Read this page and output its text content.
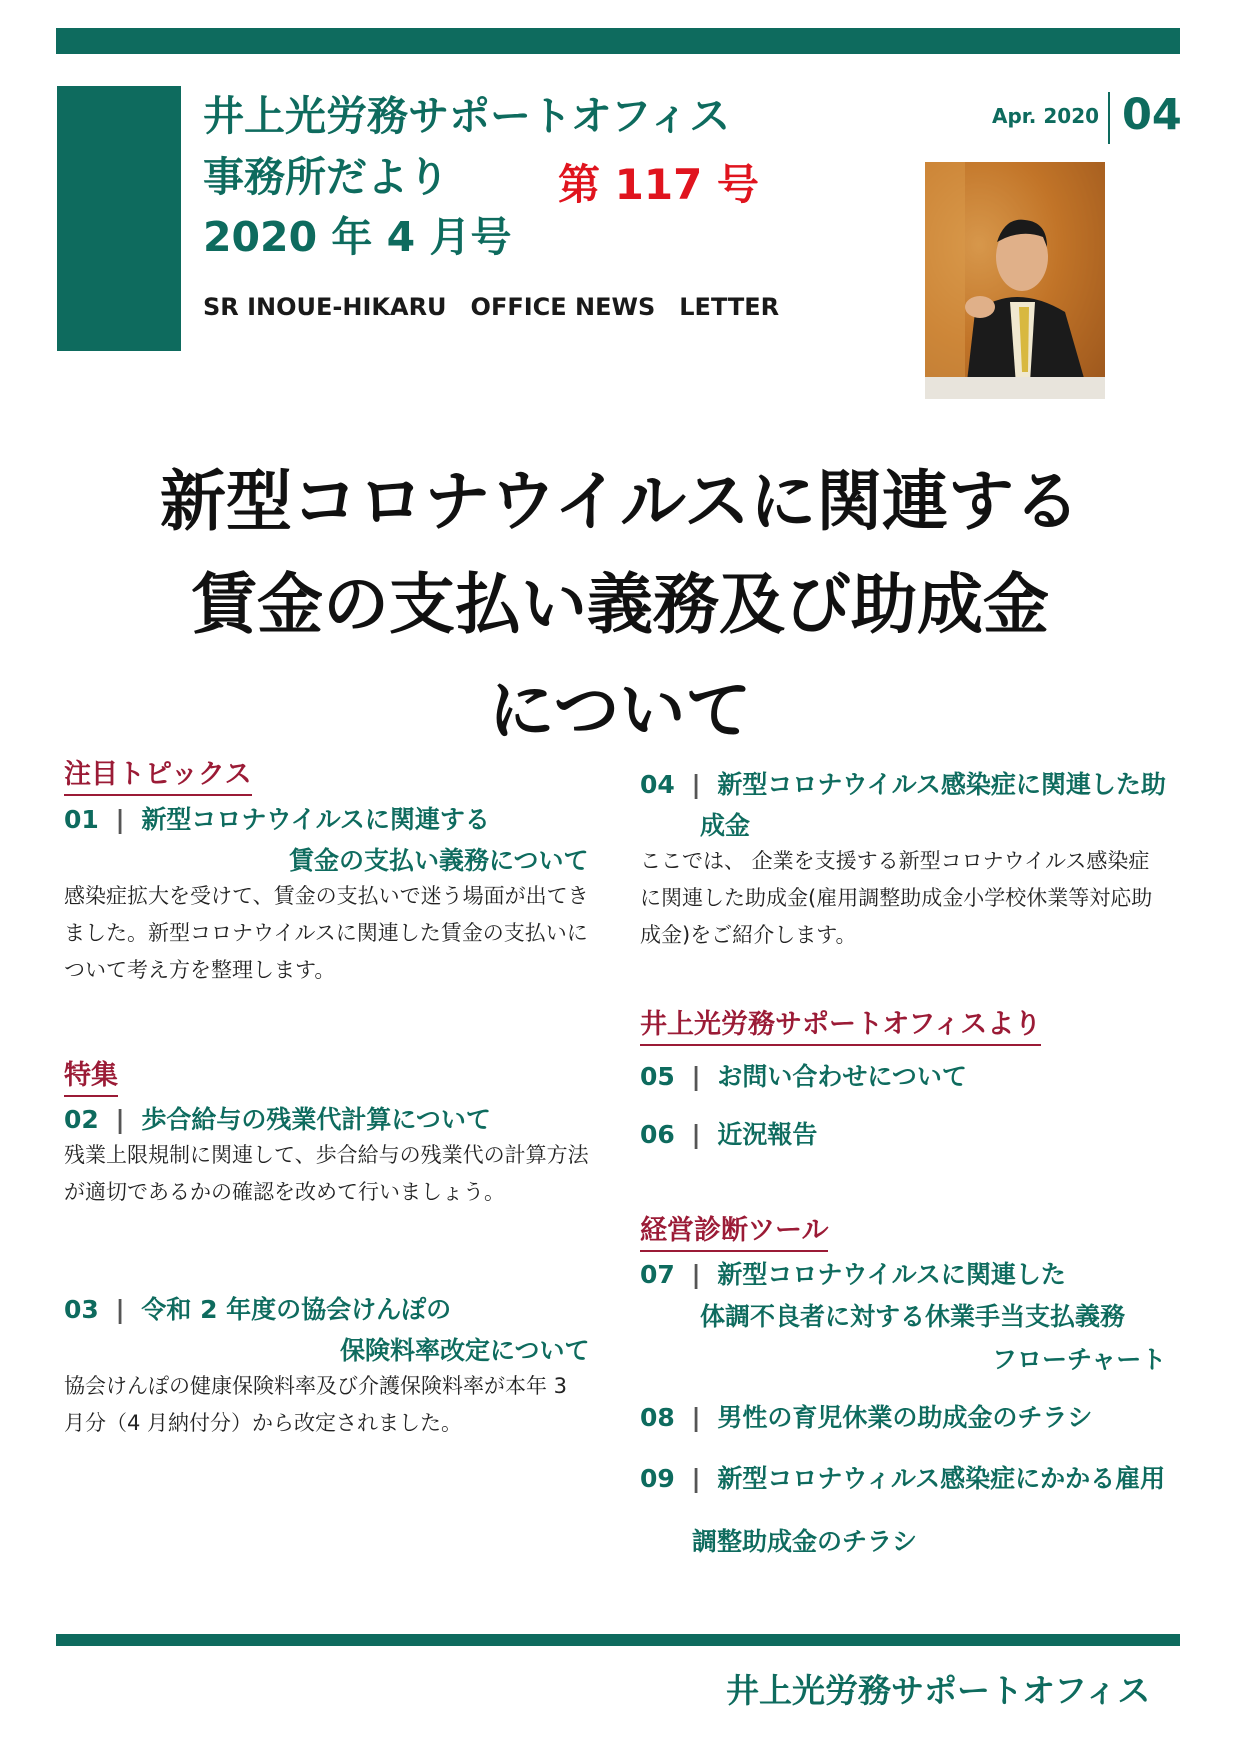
井上光労務サポートオフィス
事務所だより	第 117 号
2020 年 4 月号
SR INOUE-HIKARU　OFFICE NEWS　LETTER
Apr. 2020 04
新型コロナウイルスに関連する
賃金の支払い義務及び助成金
について
注目トピックス
01 | 新型コロナウイルスに関連する
賃金の支払い義務について
感染症拡大を受けて、賃金の支払いで迷う場面が出てき
ました。新型コロナウイルスに関連した賃金の支払いに
ついて考え方を整理します。
特集
02 | 歩合給与の残業代計算について
残業上限規制に関連して、歩合給与の残業代の計算方法
が適切であるかの確認を改めて行いましょう。
03 | 令和 2 年度の協会けんぽの
保険料率改定について
協会けんぽの健康保険料率及び介護保険料率が本年 3
月分（4 月納付分）から改定されました。
04 | 新型コロナウイルス感染症に関連した助
成金
ここでは、 企業を支援する新型コロナウイルス感染症
に関連した助成金(雇用調整助成金小学校休業等対応助
成金)をご紹介します。
井上光労務サポートオフィスより
05 | お問い合わせについて
06 | 近況報告
経営診断ツール
07 | 新型コロナウイルスに関連した
体調不良者に対する休業手当支払義務
フローチャート
08 | 男性の育児休業の助成金のチラシ
09 | 新型コロナウィルス感染症にかかる雇用
調整助成金のチラシ
井上光労務サポートオフィス
